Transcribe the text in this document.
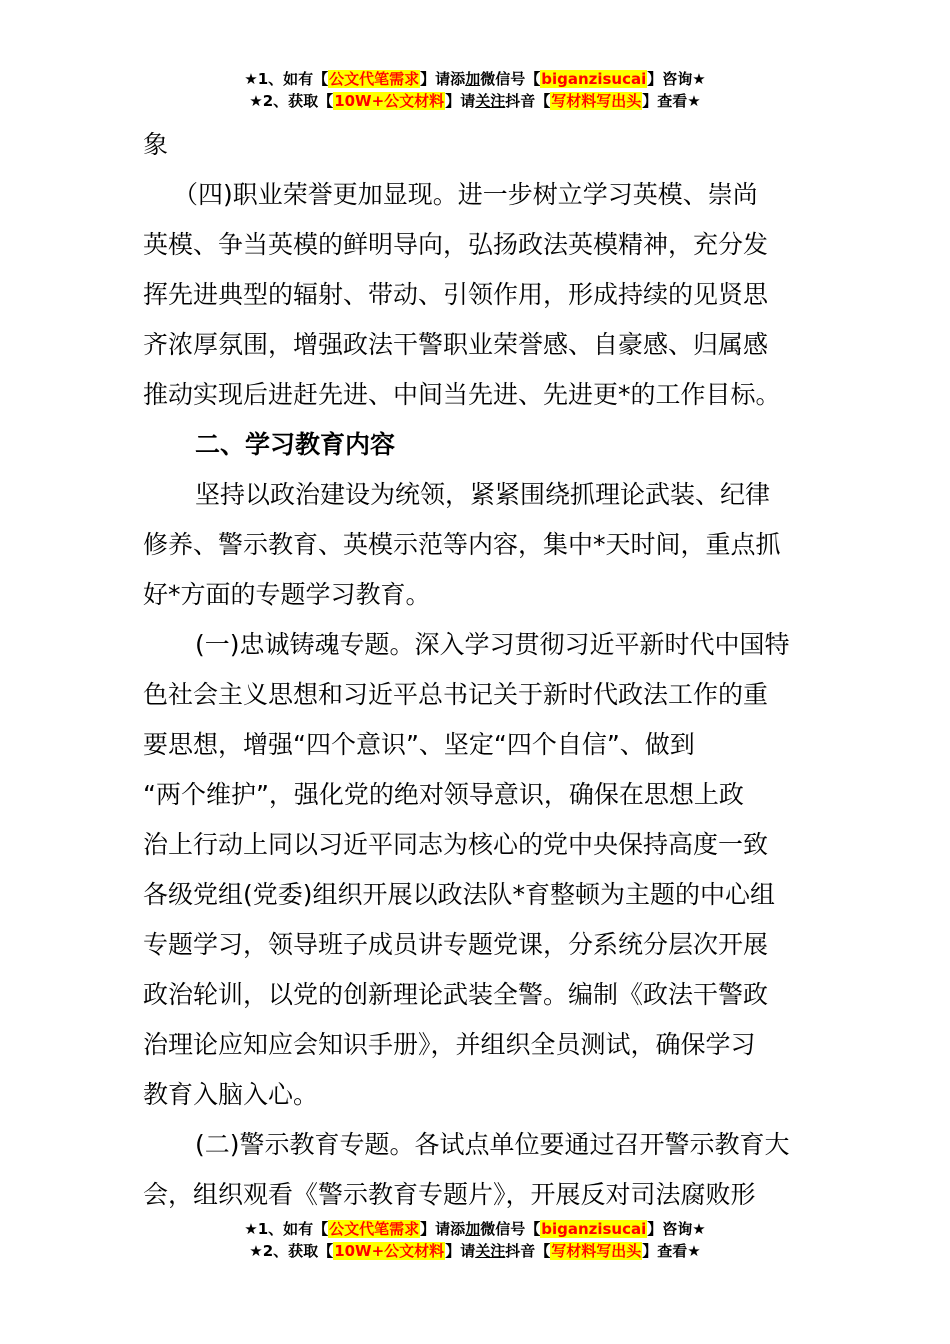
★1、如有【公文代笔需求】请添加微信号【biganzisucai】咨询★
★2、获取【10W+公文材料】请关注抖音【写材料写出头】查看★
象
（四)职业荣誉更加显现。进一步树立学习英模、崇尚
英模、争当英模的鲜明导向，弘扬政法英模精神，充分发
挥先进典型的辐射、带动、引领作用，形成持续的见贤思
齐浓厚氛围，增强政法干警职业荣誉感、自豪感、归属感
推动实现后进赶先进、中间当先进、先进更*的工作目标。
二、学习教育内容
坚持以政治建设为统领，紧紧围绕抓理论武装、纪律
修养、警示教育、英模示范等内容，集中*天时间，重点抓
好*方面的专题学习教育。
(一)忠诚铸魂专题。深入学习贯彻习近平新时代中国特
色社会主义思想和习近平总书记关于新时代政法工作的重
要思想，增强“四个意识”、坚定“四个自信”、做到
“两个维护”，强化党的绝对领导意识，确保在思想上政
治上行动上同以习近平同志为核心的党中央保持高度一致
各级党组(党委)组织开展以政法队*育整顿为主题的中心组
专题学习，领导班子成员讲专题党课，分系统分层次开展
政治轮训，以党的创新理论武装全警。编制《政法干警政
治理论应知应会知识手册》，并组织全员测试，确保学习
教育入脑入心。
(二)警示教育专题。各试点单位要通过召开警示教育大
会，组织观看《警示教育专题片》，开展反对司法腐败形
★1、如有【公文代笔需求】请添加微信号【biganzisucai】咨询★
★2、获取【10W+公文材料】请关注抖音【写材料写出头】查看★
